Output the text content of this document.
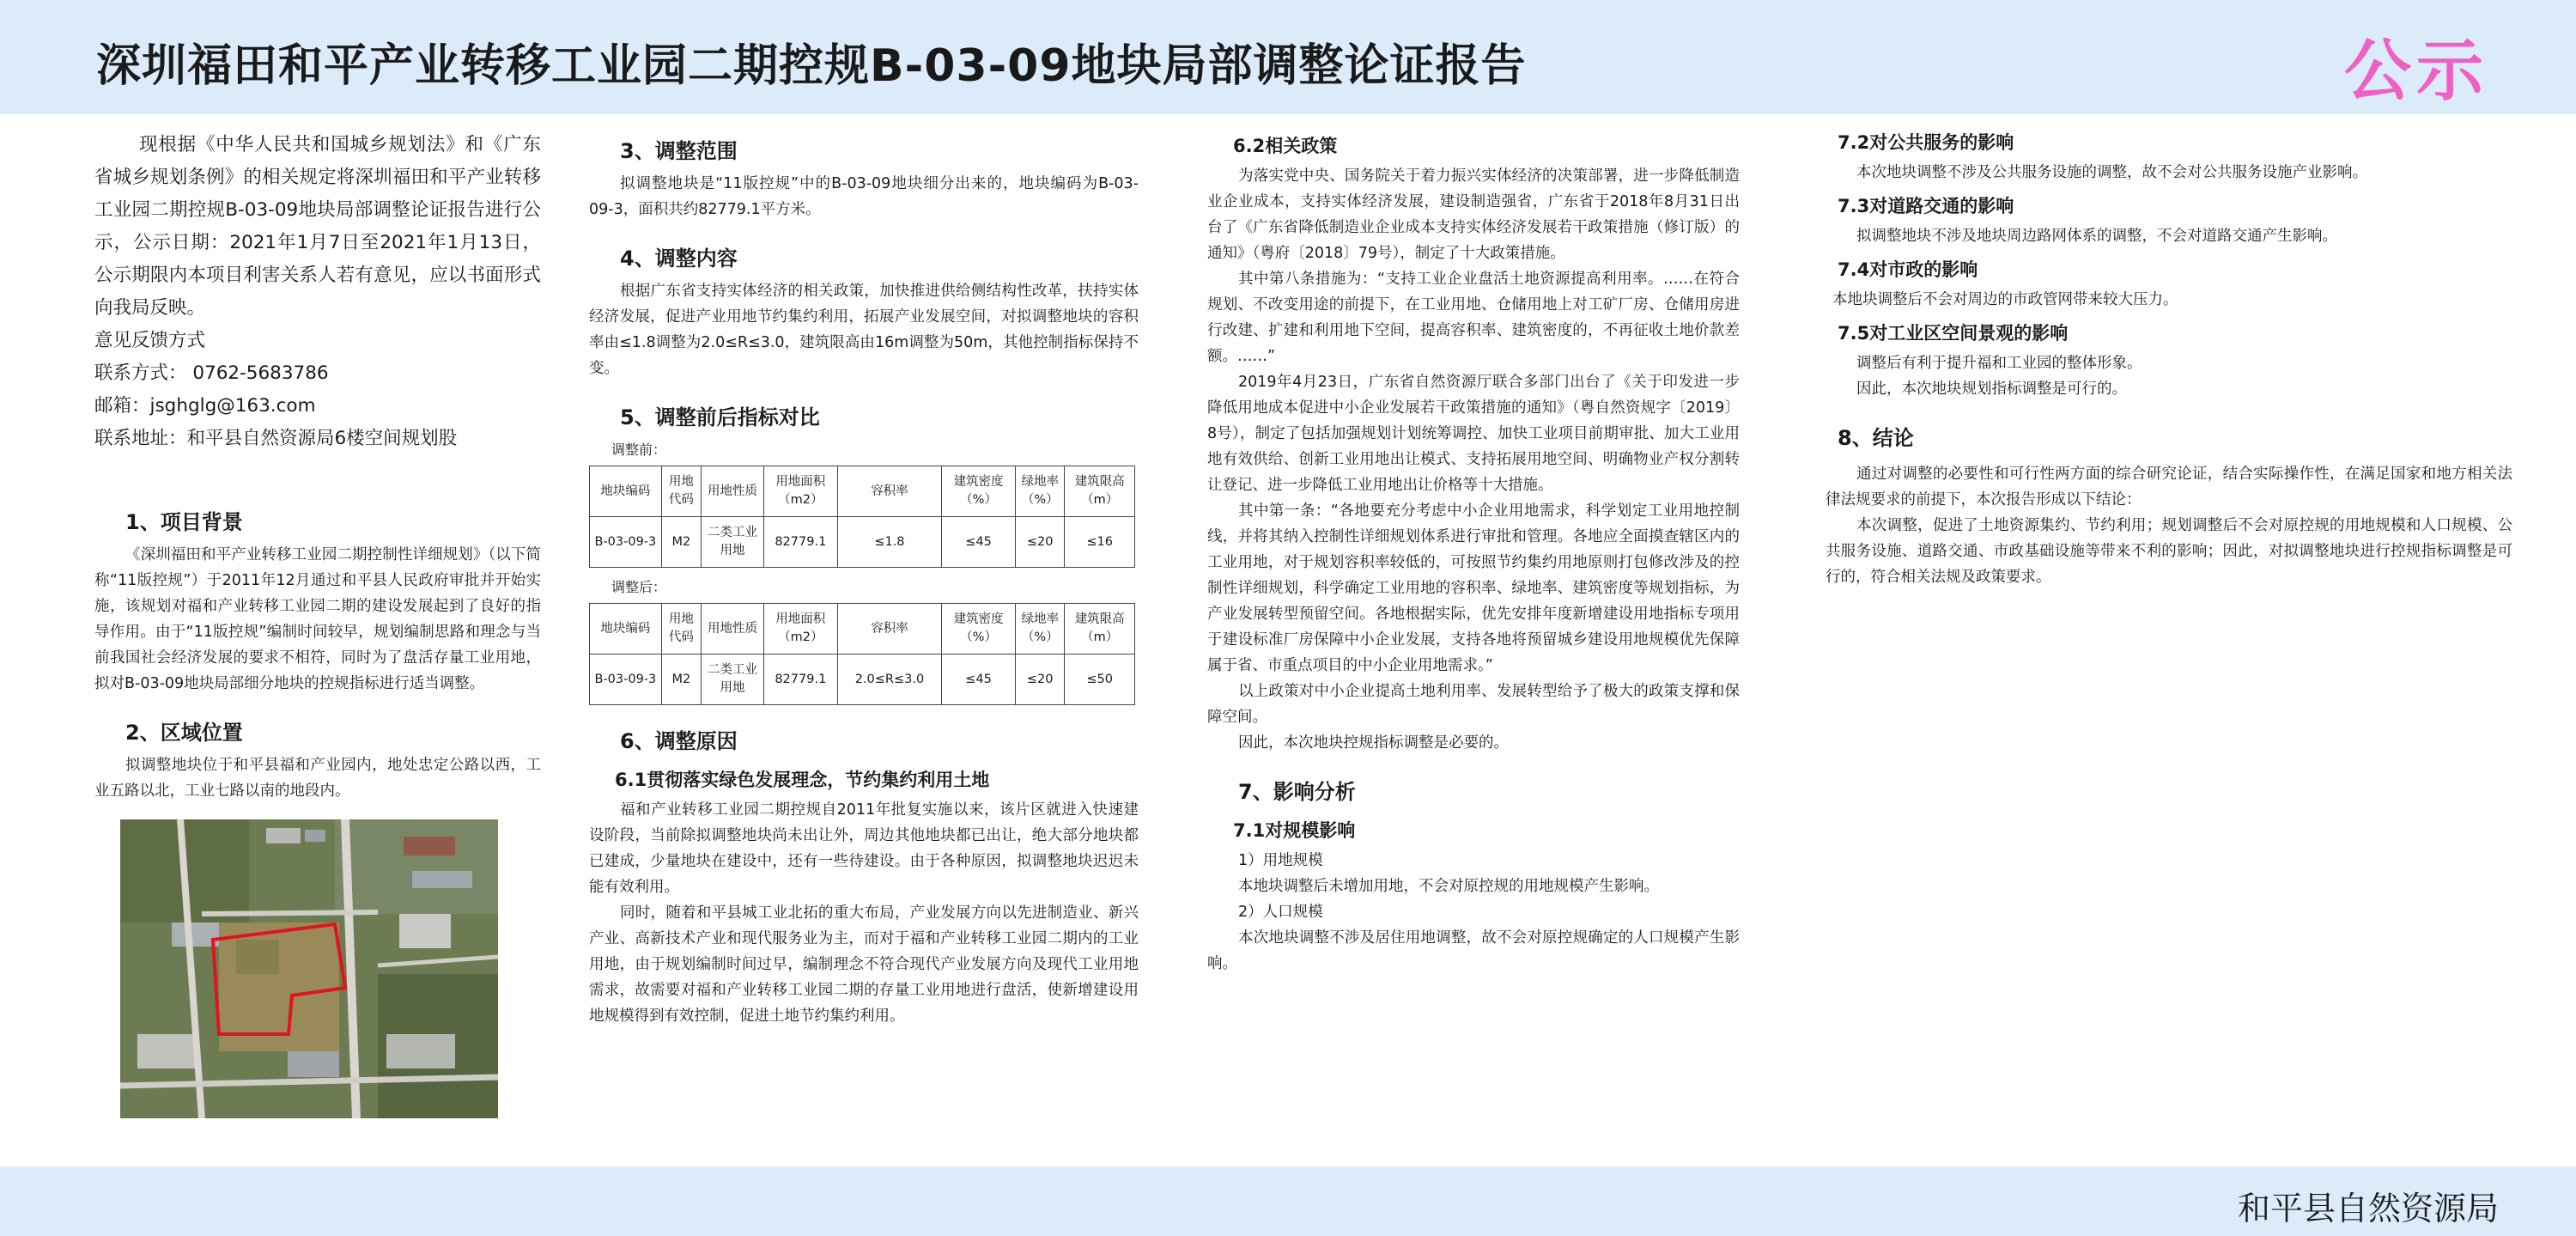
深圳福田和平产业转移工业园二期控规B-03-09地块局部调整论证报告	公示

现根据《中华人民共和国城乡规划法》和《广东省城乡规划条例》的相关规定将深圳福田和平产业转移工业园二期控规B-03-09地块局部调整论证报告进行公示，公示日期：2021年1月7日至2021年1月13日，公示期限内本项目利害关系人若有意见，应以书面形式向我局反映。

意见反馈方式

联系方式： 0762-5683786

邮箱：jsghglg@163.com

联系地址：和平县自然资源局6楼空间规划股

1、项目背景

《深圳福田和平产业转移工业园二期控制性详细规划》（以下简称“11版控规”）于2011年12月通过和平县人民政府审批并开始实施，该规划对福和产业转移工业园二期的建设发展起到了良好的指导作用。由于“11版控规”编制时间较早，规划编制思路和理念与当前我国社会经济发展的要求不相符，同时为了盘活存量工业用地，拟对B-03-09地块局部细分地块的控规指标进行适当调整。

2、区域位置

拟调整地块位于和平县福和产业园内，地处忠定公路以西，工业五路以北，工业七路以南的地段内。

3、调整范围

拟调整地块是“11版控规”中的B-03-09地块细分出来的，地块编码为B-03-09-3，面积共约82779.1平方米。

4、调整内容

根据广东省支持实体经济的相关政策，加快推进供给侧结构性改革，扶持实体经济发展，促进产业用地节约集约利用，拓展产业发展空间，对拟调整地块的容积率由≤1.8调整为2.0≤R≤3.0，建筑限高由16m调整为50m，其他控制指标保持不变。

5、调整前后指标对比
调整前：
地块编码	用地代码	用地性质	用地面积（m2）	容积率	建筑密度（%）	绿地率（%）	建筑限高（m）
B-03-09-3	M2	二类工业用地	82779.1	≤1.8	≤45	≤20	≤16
调整后：
地块编码	用地代码	用地性质	用地面积（m2）	容积率	建筑密度（%）	绿地率（%）	建筑限高（m）
B-03-09-3	M2	二类工业用地	82779.1	2.0≤R≤3.0	≤45	≤20	≤50
6、调整原因
6.1贯彻落实绿色发展理念，节约集约利用土地

福和产业转移工业园二期控规自2011年批复实施以来，该片区就进入快速建设阶段，当前除拟调整地块尚未出让外，周边其他地块都已出让，绝大部分地块都已建成，少量地块在建设中，还有一些待建设。由于各种原因，拟调整地块迟迟未能有效利用。

同时，随着和平县城工业北拓的重大布局，产业发展方向以先进制造业、新兴产业、高新技术产业和现代服务业为主，而对于福和产业转移工业园二期内的工业用地，由于规划编制时间过早，编制理念不符合现代产业发展方向及现代工业用地需求，故需要对福和产业转移工业园二期的存量工业用地进行盘活，使新增建设用地规模得到有效控制，促进土地节约集约利用。

6.2相关政策

为落实党中央、国务院关于着力振兴实体经济的决策部署，进一步降低制造业企业成本，支持实体经济发展，建设制造强省，广东省于2018年8月31日出台了《广东省降低制造业企业成本支持实体经济发展若干政策措施（修订版）的通知》（粤府〔2018〕79号），制定了十大政策措施。

其中第八条措施为：“支持工业企业盘活土地资源提高利用率。……在符合规划、不改变用途的前提下，在工业用地、仓储用地上对工矿厂房、仓储用房进行改建、扩建和利用地下空间，提高容积率、建筑密度的，不再征收土地价款差额。……”

2019年4月23日，广东省自然资源厅联合多部门出台了《关于印发进一步降低用地成本促进中小企业发展若干政策措施的通知》（粤自然资规字〔2019〕8号），制定了包括加强规划计划统筹调控、加快工业项目前期审批、加大工业用地有效供给、创新工业用地出让模式、支持拓展用地空间、明确物业产权分割转让登记、进一步降低工业用地出让价格等十大措施。

其中第一条：“各地要充分考虑中小企业用地需求，科学划定工业用地控制线，并将其纳入控制性详细规划体系进行审批和管理。各地应全面摸查辖区内的工业用地，对于规划容积率较低的，可按照节约集约用地原则打包修改涉及的控制性详细规划，科学确定工业用地的容积率、绿地率、建筑密度等规划指标，为产业发展转型预留空间。各地根据实际，优先安排年度新增建设用地指标专项用于建设标准厂房保障中小企业发展，支持各地将预留城乡建设用地规模优先保障属于省、市重点项目的中小企业用地需求。”

以上政策对中小企业提高土地利用率、发展转型给予了极大的政策支撑和保障空间。

因此，本次地块控规指标调整是必要的。

7、影响分析
7.1对规模影响

1）用地规模

本地块调整后未增加用地，不会对原控规的用地规模产生影响。

2）人口规模

本次地块调整不涉及居住用地调整，故不会对原控规确定的人口规模产生影响。

7.2对公共服务的影响

本次地块调整不涉及公共服务设施的调整，故不会对公共服务设施产业影响。

7.3对道路交通的影响

拟调整地块不涉及地块周边路网体系的调整，不会对道路交通产生影响。

7.4对市政的影响

本地块调整后不会对周边的市政管网带来较大压力。

7.5对工业区空间景观的影响

调整后有利于提升福和工业园的整体形象。

因此，本次地块规划指标调整是可行的。

8、结论

通过对调整的必要性和可行性两方面的综合研究论证，结合实际操作性，在满足国家和地方相关法律法规要求的前提下，本次报告形成以下结论：

本次调整，促进了土地资源集约、节约利用；规划调整后不会对原控规的用地规模和人口规模、公共服务设施、道路交通、市政基础设施等带来不利的影响；因此，对拟调整地块进行控规指标调整是可行的，符合相关法规及政策要求。

和平县自然资源局
